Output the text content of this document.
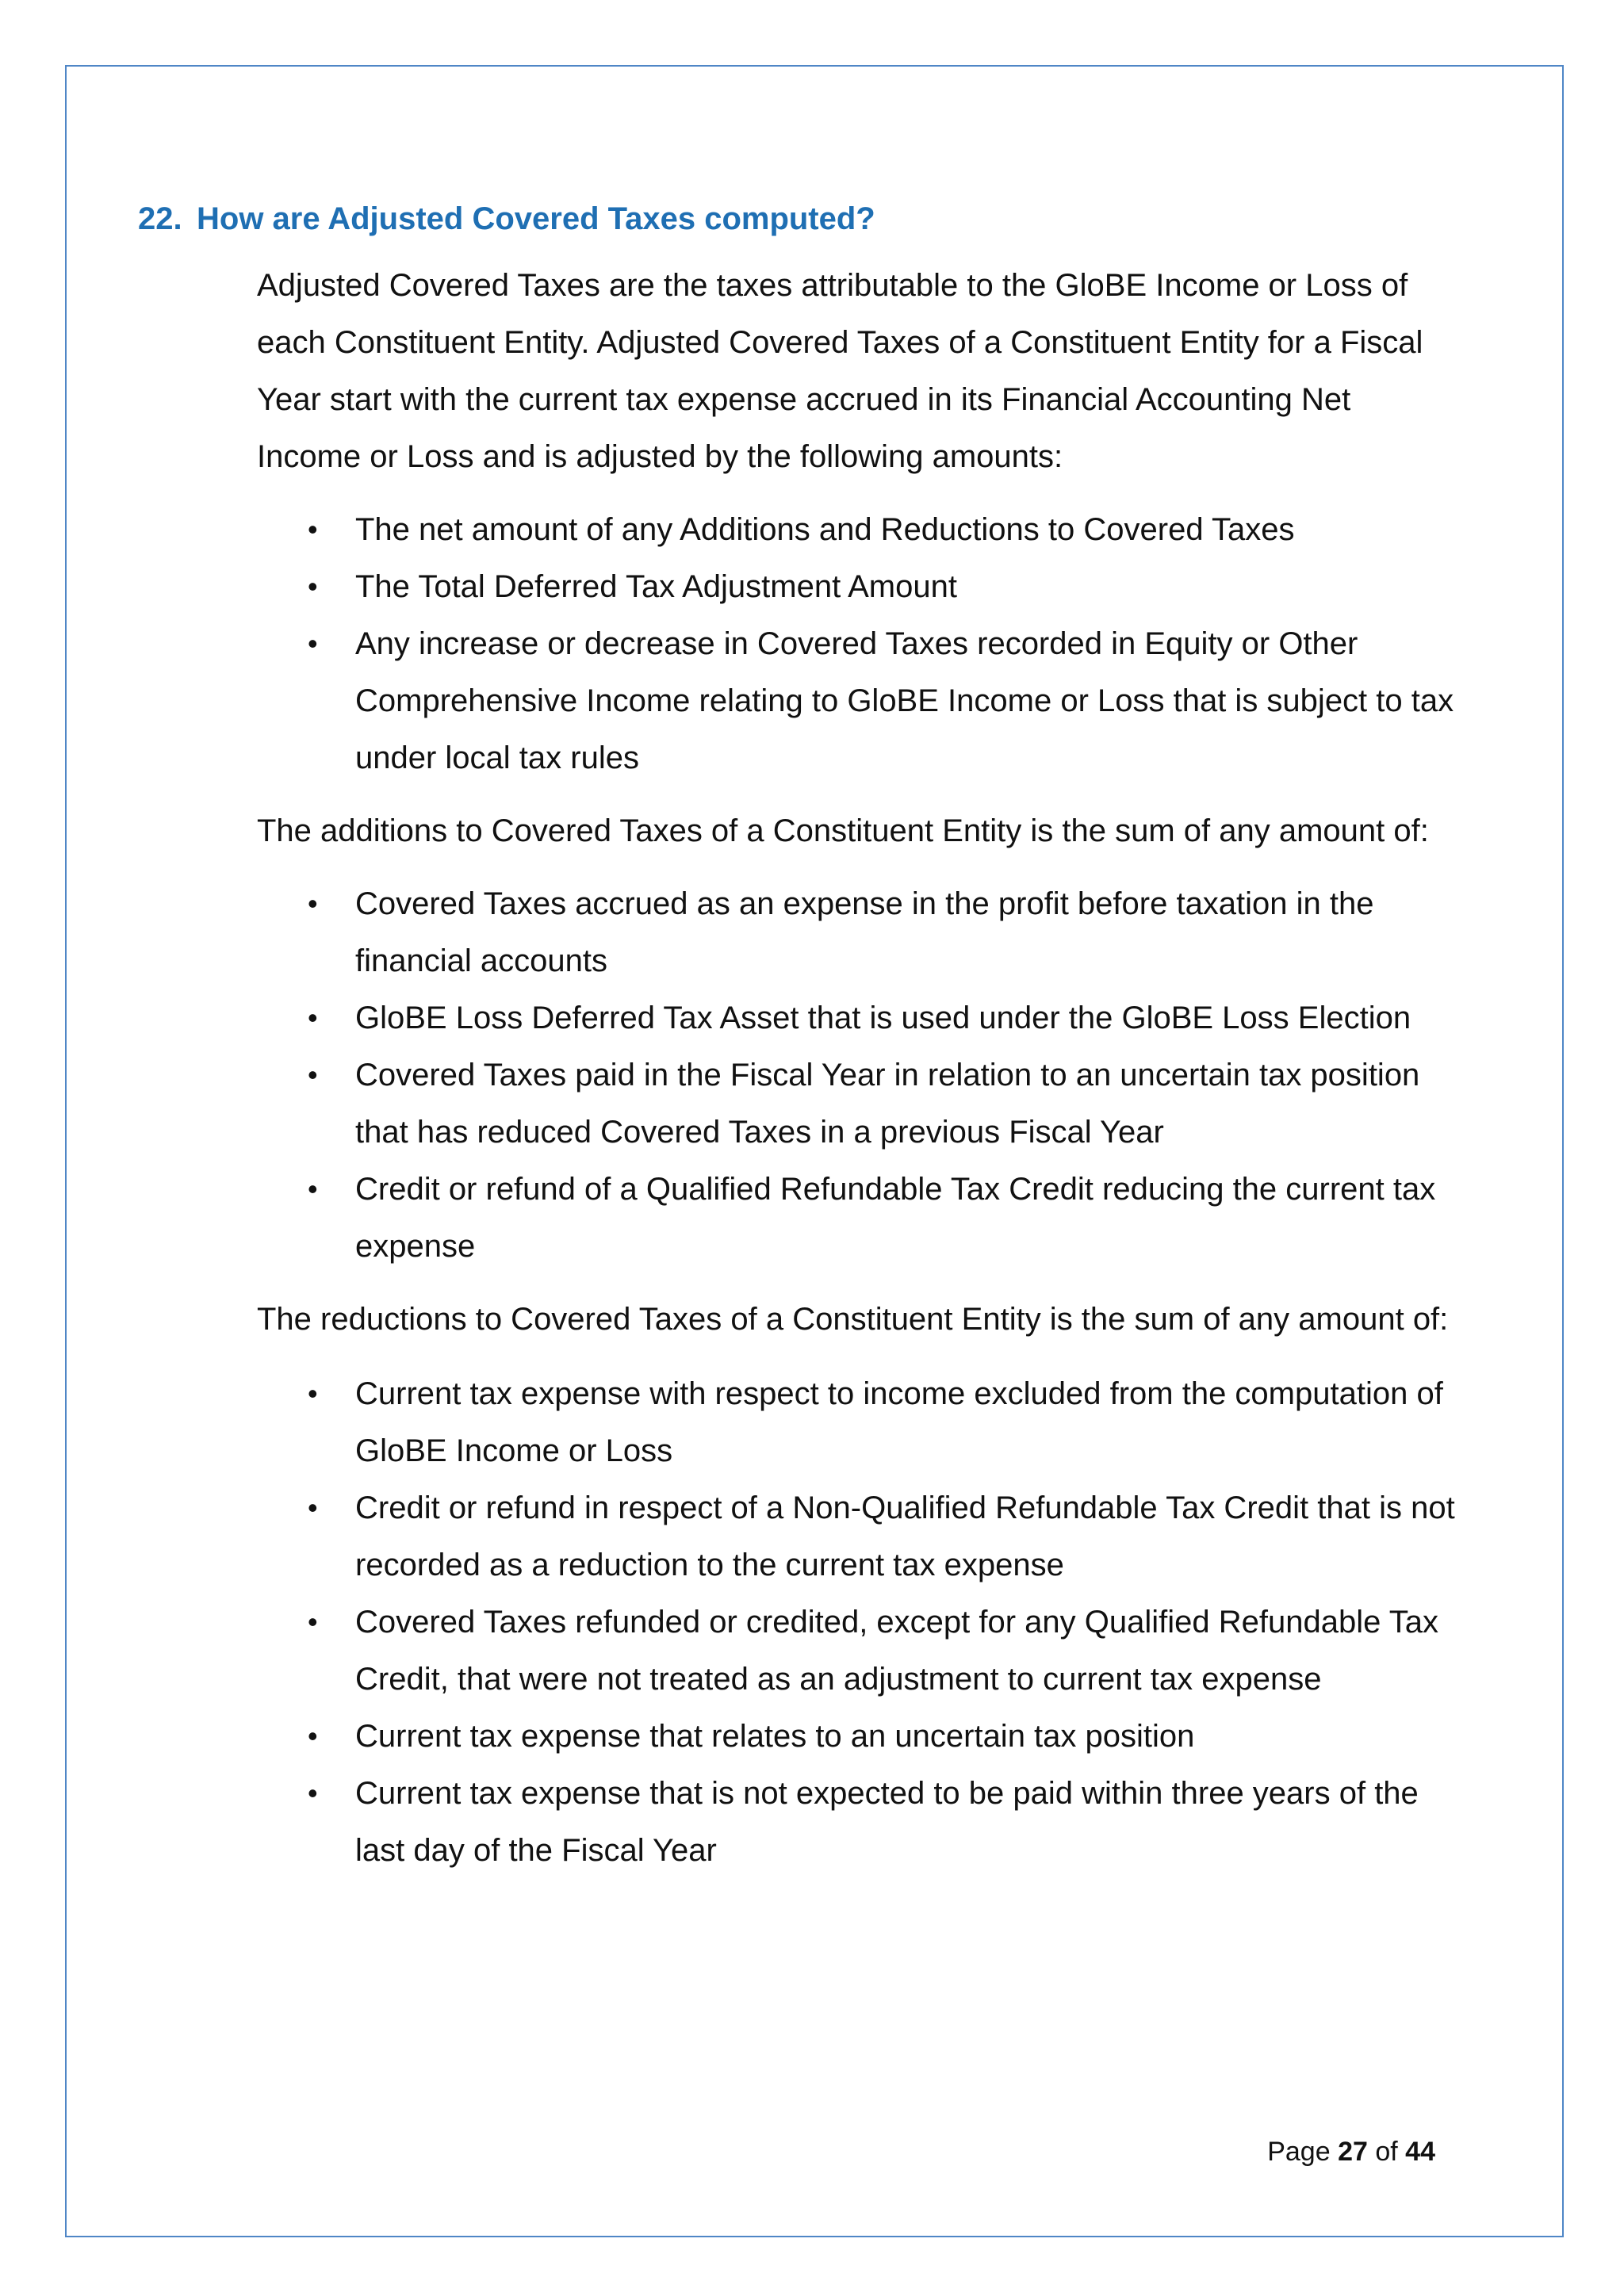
22. How are Adjusted Covered Taxes computed?

Adjusted Covered Taxes are the taxes attributable to the GloBE Income or Loss of each Constituent Entity. Adjusted Covered Taxes of a Constituent Entity for a Fiscal Year start with the current tax expense accrued in its Financial Accounting Net Income or Loss and is adjusted by the following amounts:

• The net amount of any Additions and Reductions to Covered Taxes
• The Total Deferred Tax Adjustment Amount
• Any increase or decrease in Covered Taxes recorded in Equity or Other Comprehensive Income relating to GloBE Income or Loss that is subject to tax under local tax rules

The additions to Covered Taxes of a Constituent Entity is the sum of any amount of:

• Covered Taxes accrued as an expense in the profit before taxation in the financial accounts
• GloBE Loss Deferred Tax Asset that is used under the GloBE Loss Election
• Covered Taxes paid in the Fiscal Year in relation to an uncertain tax position that has reduced Covered Taxes in a previous Fiscal Year
• Credit or refund of a Qualified Refundable Tax Credit reducing the current tax expense

The reductions to Covered Taxes of a Constituent Entity is the sum of any amount of:

• Current tax expense with respect to income excluded from the computation of GloBE Income or Loss
• Credit or refund in respect of a Non-Qualified Refundable Tax Credit that is not recorded as a reduction to the current tax expense
• Covered Taxes refunded or credited, except for any Qualified Refundable Tax Credit, that were not treated as an adjustment to current tax expense
• Current tax expense that relates to an uncertain tax position
• Current tax expense that is not expected to be paid within three years of the last day of the Fiscal Year
Page 27 of 44
